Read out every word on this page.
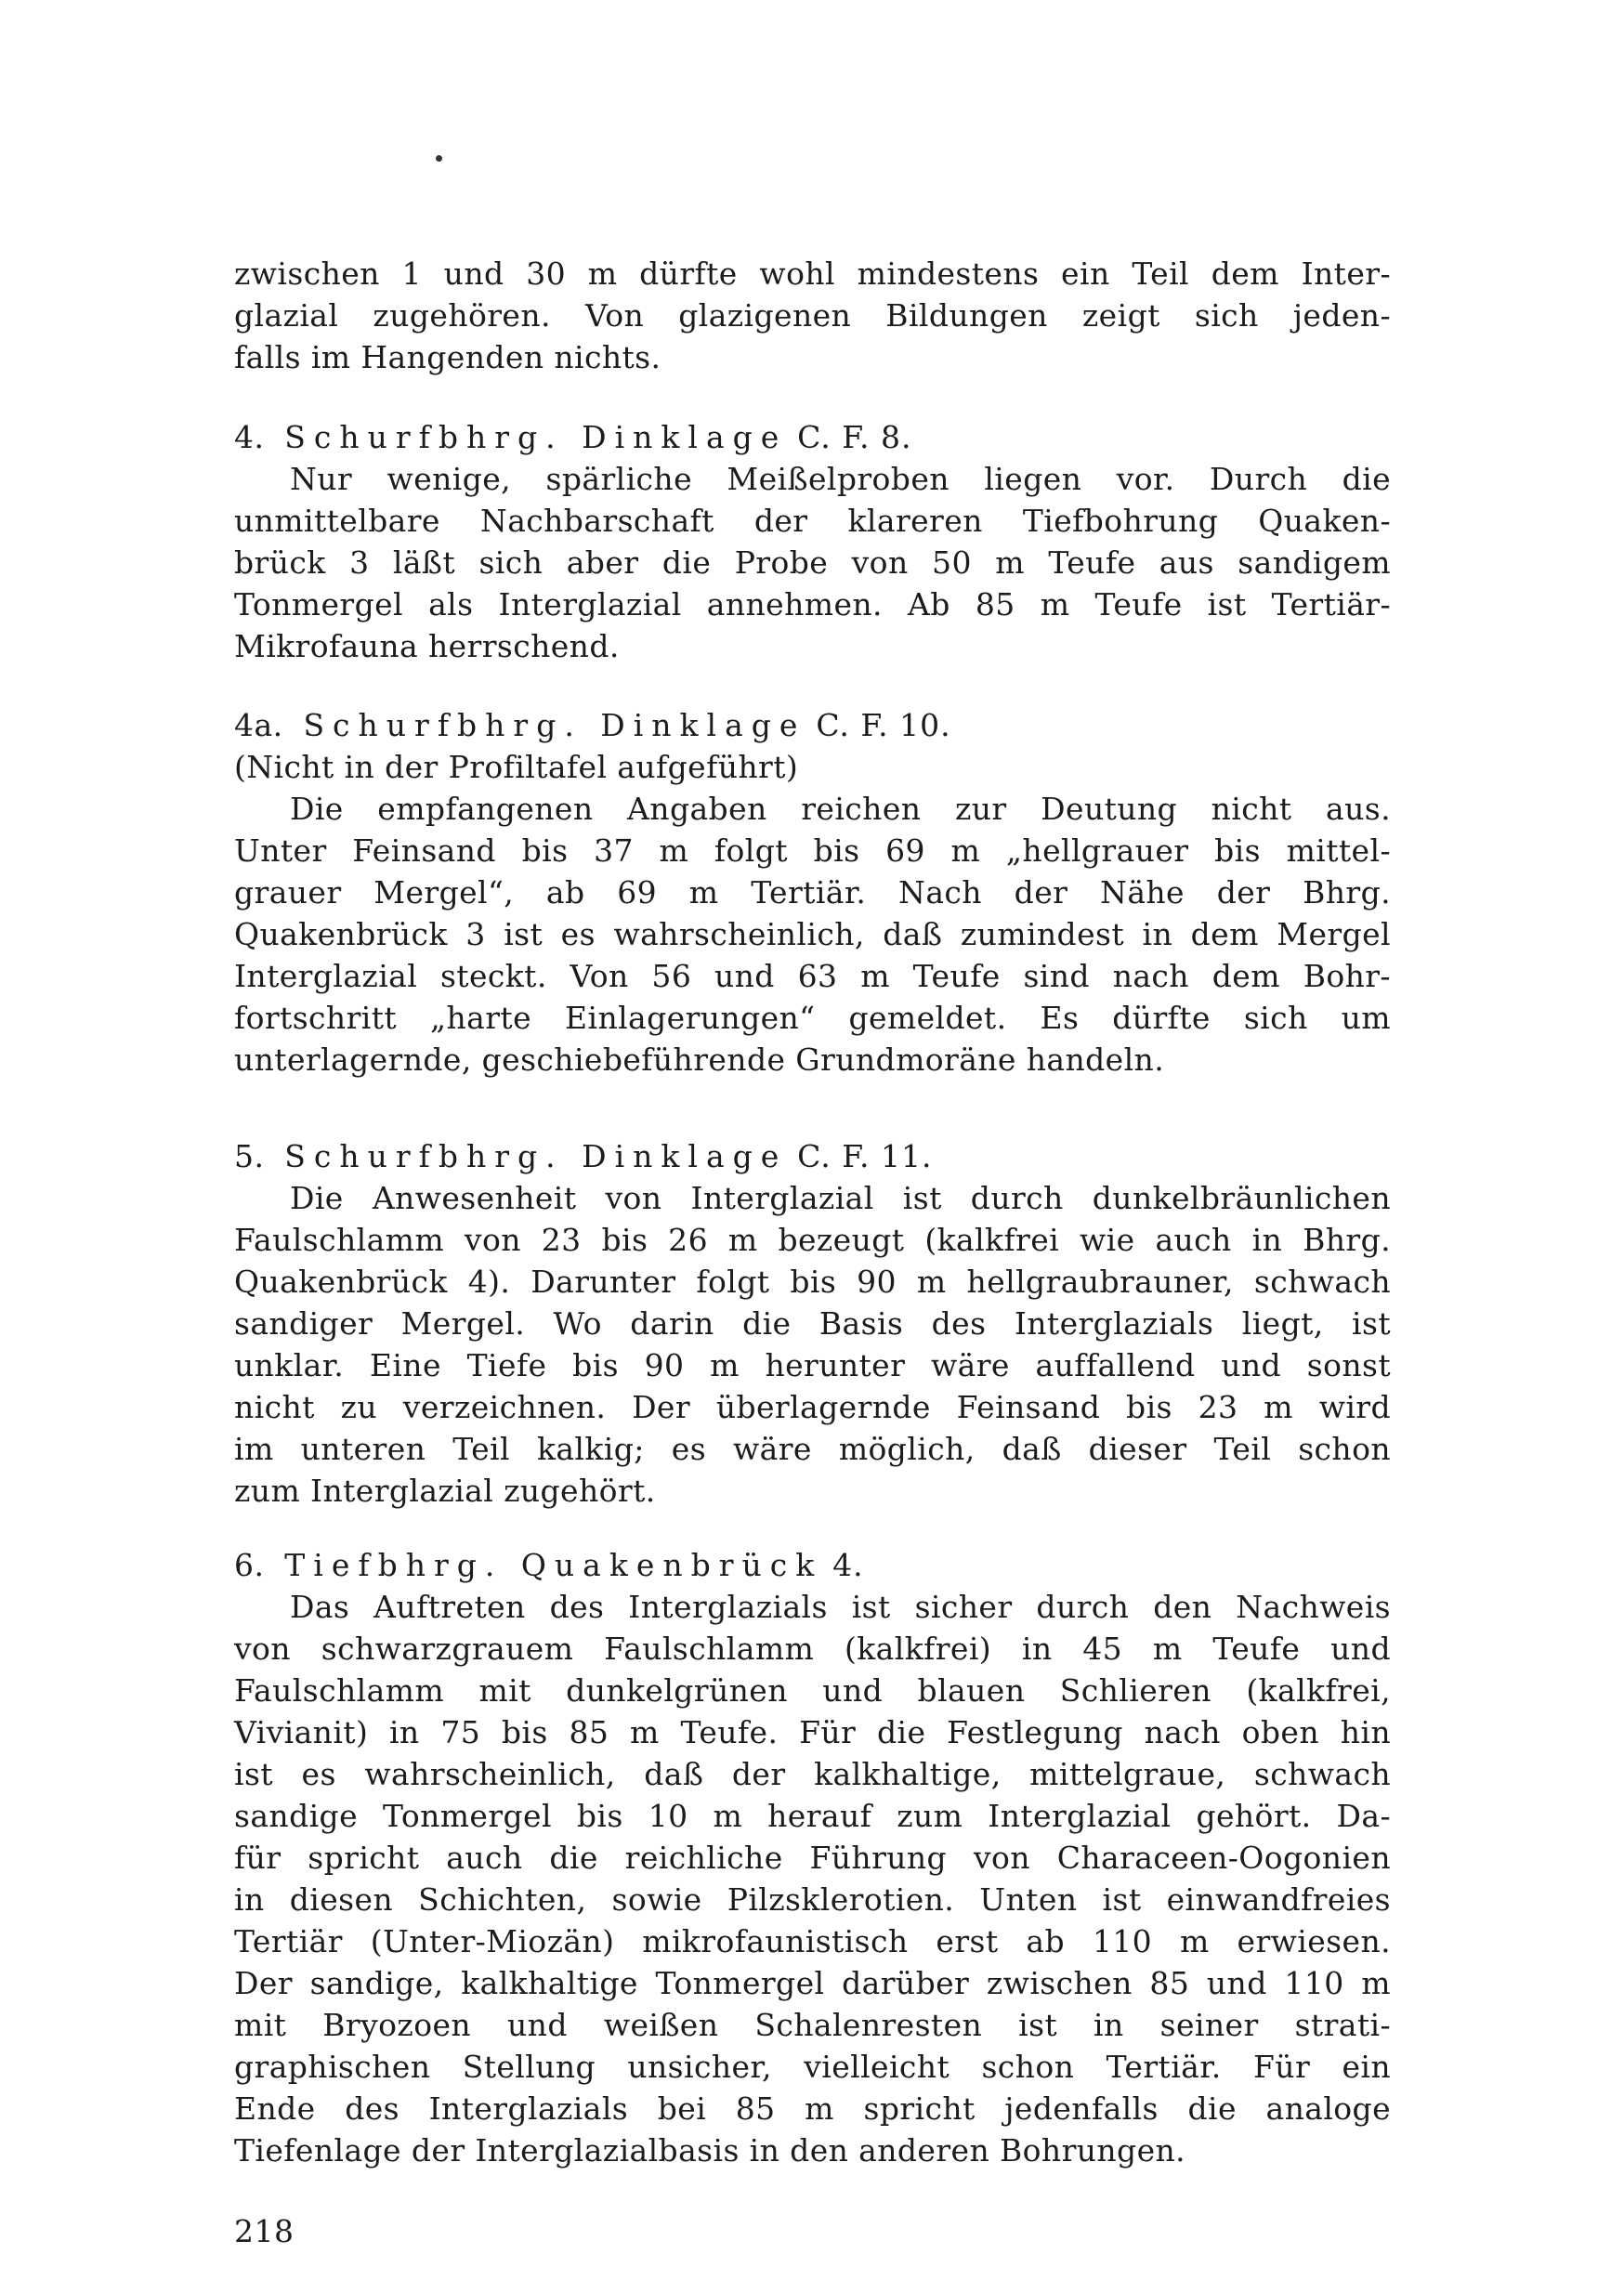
zwischen 1 und 30 m dürfte wohl mindestens ein Teil dem Inter-
glazial zugehören. Von glazigenen Bildungen zeigt sich jeden-
falls im Hangenden nichts.
4. Schurfbhrg. Dinklage C. F. 8.
Nur wenige, spärliche Meißelproben liegen vor. Durch die
unmittelbare Nachbarschaft der klareren Tiefbohrung Quaken-
brück 3 läßt sich aber die Probe von 50 m Teufe aus sandigem
Tonmergel als Interglazial annehmen. Ab 85 m Teufe ist Tertiär-
Mikrofauna herrschend.
4a. Schurfbhrg. Dinklage C. F. 10.
(Nicht in der Profiltafel aufgeführt)
Die empfangenen Angaben reichen zur Deutung nicht aus.
Unter Feinsand bis 37 m folgt bis 69 m „hellgrauer bis mittel-
grauer Mergel“, ab 69 m Tertiär. Nach der Nähe der Bhrg.
Quakenbrück 3 ist es wahrscheinlich, daß zumindest in dem Mergel
Interglazial steckt. Von 56 und 63 m Teufe sind nach dem Bohr-
fortschritt „harte Einlagerungen“ gemeldet. Es dürfte sich um
unterlagernde, geschiebeführende Grundmoräne handeln.
5. Schurfbhrg. Dinklage C. F. 11.
Die Anwesenheit von Interglazial ist durch dunkelbräunlichen
Faulschlamm von 23 bis 26 m bezeugt (kalkfrei wie auch in Bhrg.
Quakenbrück 4). Darunter folgt bis 90 m hellgraubrauner, schwach
sandiger Mergel. Wo darin die Basis des Interglazials liegt, ist
unklar. Eine Tiefe bis 90 m herunter wäre auffallend und sonst
nicht zu verzeichnen. Der überlagernde Feinsand bis 23 m wird
im unteren Teil kalkig; es wäre möglich, daß dieser Teil schon
zum Interglazial zugehört.
6. Tiefbhrg. Quakenbrück 4.
Das Auftreten des Interglazials ist sicher durch den Nachweis
von schwarzgrauem Faulschlamm (kalkfrei) in 45 m Teufe und
Faulschlamm mit dunkelgrünen und blauen Schlieren (kalkfrei,
Vivianit) in 75 bis 85 m Teufe. Für die Festlegung nach oben hin
ist es wahrscheinlich, daß der kalkhaltige, mittelgraue, schwach
sandige Tonmergel bis 10 m herauf zum Interglazial gehört. Da-
für spricht auch die reichliche Führung von Characeen-Oogonien
in diesen Schichten, sowie Pilzsklerotien. Unten ist einwandfreies
Tertiär (Unter-Miozän) mikrofaunistisch erst ab 110 m erwiesen.
Der sandige, kalkhaltige Tonmergel darüber zwischen 85 und 110 m
mit Bryozoen und weißen Schalenresten ist in seiner strati-
graphischen Stellung unsicher, vielleicht schon Tertiär. Für ein
Ende des Interglazials bei 85 m spricht jedenfalls die analoge
Tiefenlage der Interglazialbasis in den anderen Bohrungen.
218
